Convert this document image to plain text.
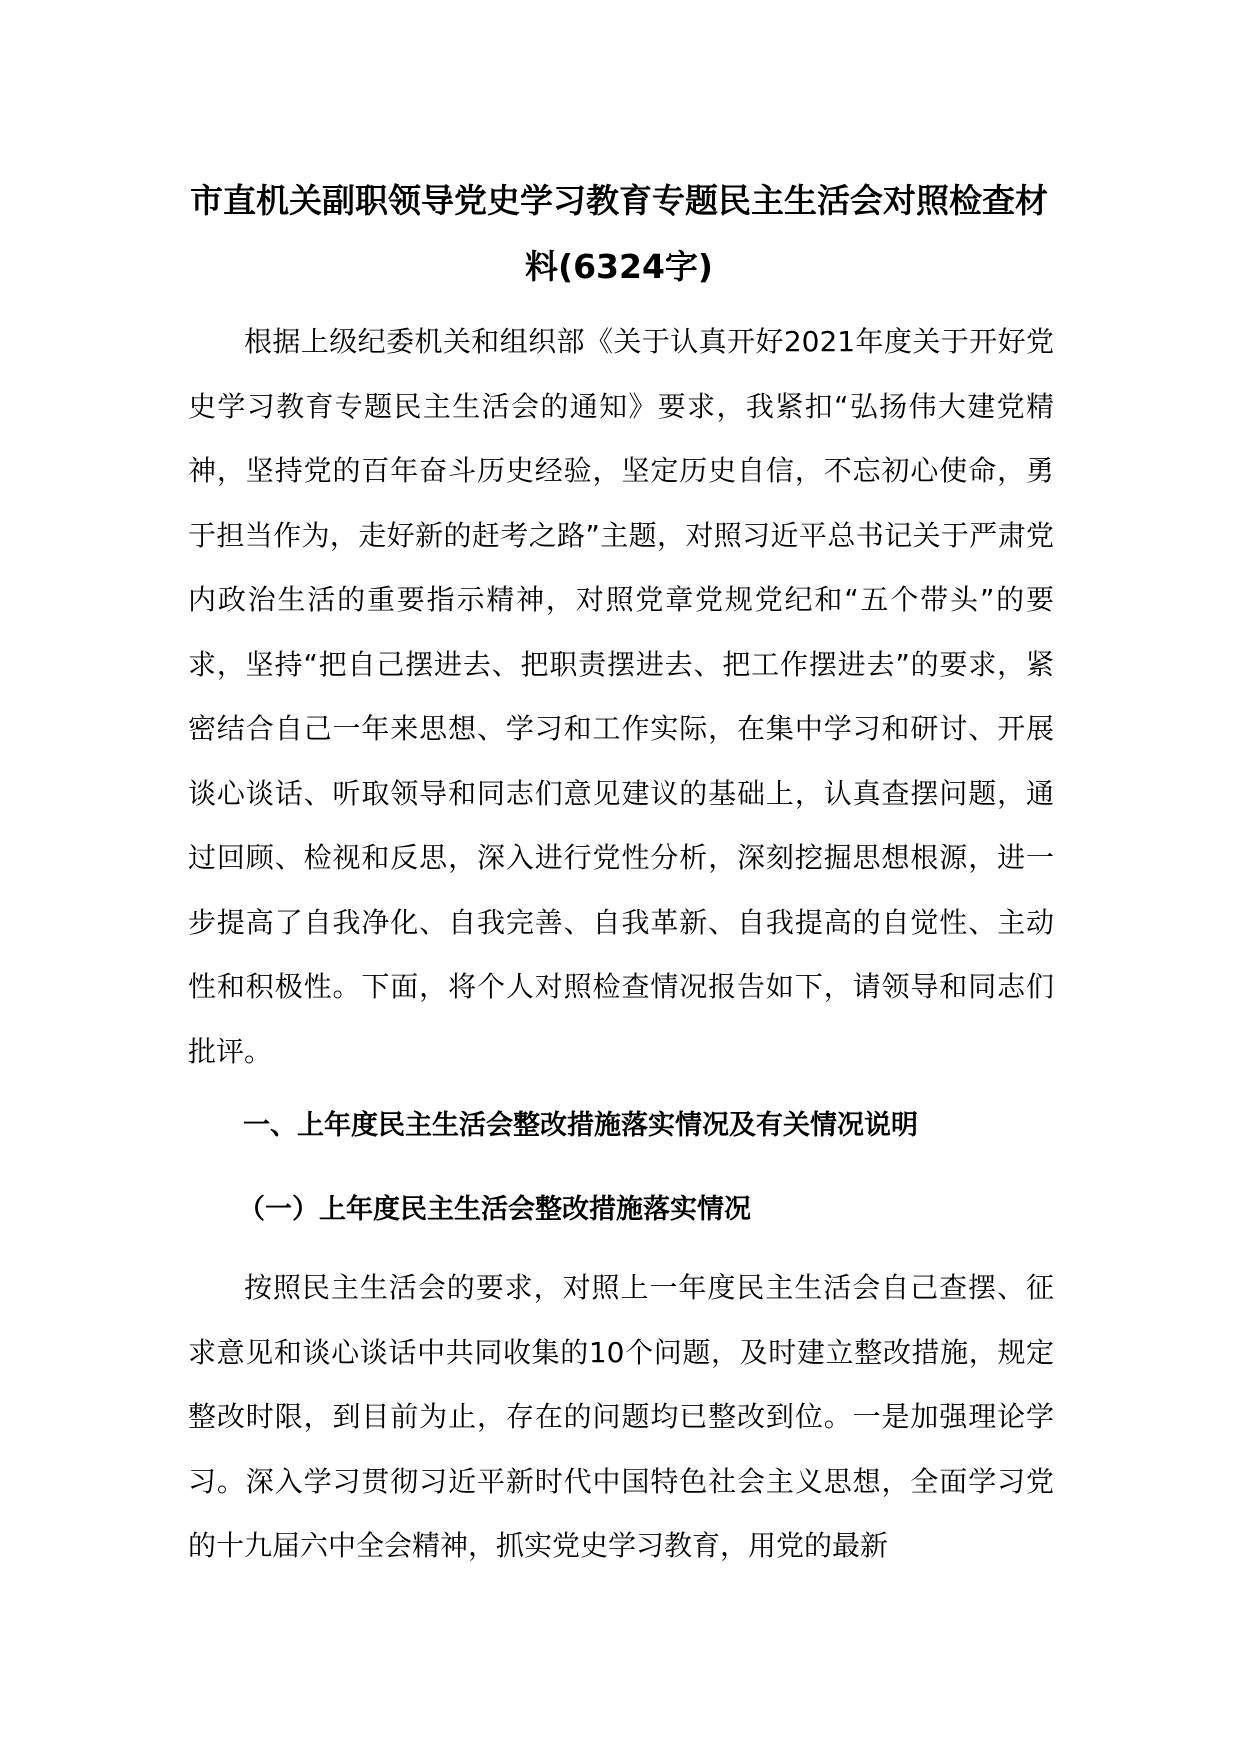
市直机关副职领导党史学习教育专题民主生活会对照检查材料(6324字)

根据上级纪委机关和组织部《关于认真开好2021年度关于开好党史学习教育专题民主生活会的通知》要求，我紧扣“弘扬伟大建党精神，坚持党的百年奋斗历史经验，坚定历史自信，不忘初心使命，勇于担当作为，走好新的赶考之路”主题，对照习近平总书记关于严肃党内政治生活的重要指示精神，对照党章党规党纪和“五个带头”的要求，坚持“把自己摆进去、把职责摆进去、把工作摆进去”的要求，紧密结合自己一年来思想、学习和工作实际，在集中学习和研讨、开展谈心谈话、听取领导和同志们意见建议的基础上，认真查摆问题，通过回顾、检视和反思，深入进行党性分析，深刻挖掘思想根源，进一步提高了自我净化、自我完善、自我革新、自我提高的自觉性、主动性和积极性。下面，将个人对照检查情况报告如下，请领导和同志们批评。

一、上年度民主生活会整改措施落实情况及有关情况说明
（一）上年度民主生活会整改措施落实情况

按照民主生活会的要求，对照上一年度民主生活会自己查摆、征求意见和谈心谈话中共同收集的10个问题，及时建立整改措施，规定整改时限，到目前为止，存在的问题均已整改到位。一是加强理论学习。深入学习贯彻习近平新时代中国特色社会主义思想，全面学习党的十九届六中全会精神，抓实党史学习教育，用党的最新
